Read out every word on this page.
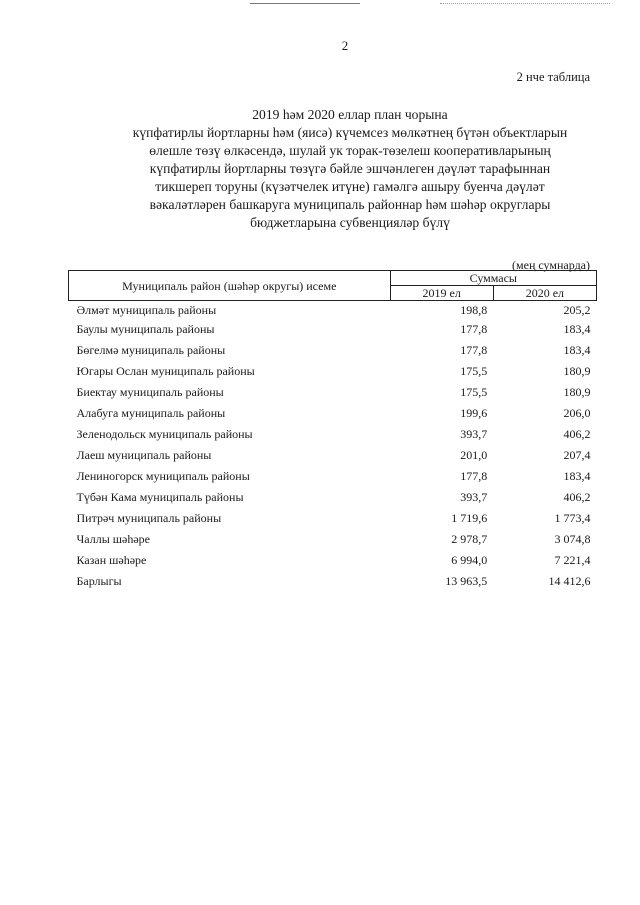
2
2 нче таблица
2019 һәм 2020 еллар план чорына
күпфатирлы йортларны һәм (яисә) күчемсез мөлкәтнең бүтән объектларын
өлешле төзү өлкәсендә, шулай ук торак-төзелеш кооперативларының
күпфатирлы йортларны төзүгә бәйле эшчәнлеген дәүләт тарафыннан
тикшереп торуны (күзәтчелек итүне) гамәлгә ашыру буенча дәүләт
вәкаләтләрен башкаруга муниципаль районнар һәм шәһәр округлары
бюджетларына субвенцияләр бүлү
(мең сумнарда)
Муниципаль район (шәһәр округы) исеме	Суммасы	
	2019 ел	2020 ел
Әлмәт муниципаль районы	198,8	205,2
Баулы муниципаль районы	177,8	183,4
Бөгелмә муниципаль районы	177,8	183,4
Югары Ослан муниципаль районы	175,5	180,9
Биектау муниципаль районы	175,5	180,9
Алабуга муниципаль районы	199,6	206,0
Зеленодольск муниципаль районы	393,7	406,2
Лаеш муниципаль районы	201,0	207,4
Лениногорск муниципаль районы	177,8	183,4
Түбән Кама муниципаль районы	393,7	406,2
Питрәч муниципаль районы	1 719,6	1 773,4
Чаллы шәһәре	2 978,7	3 074,8
Казан шәһәре	6 994,0	7 221,4
Барлыгы	13 963,5	14 412,6
